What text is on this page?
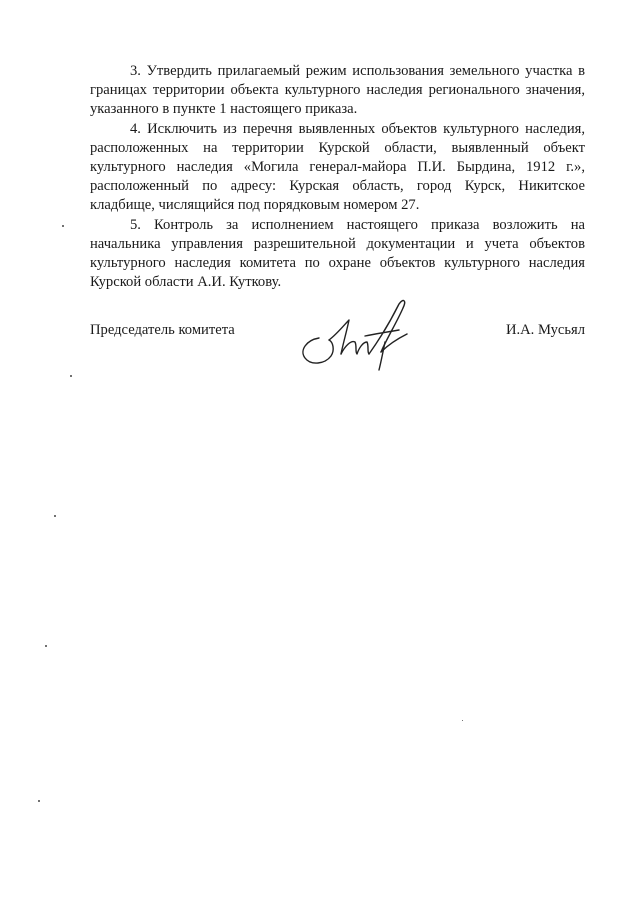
3. Утвердить прилагаемый режим использования земельного участка в границах территории объекта культурного наследия регионального значения, указанного в пункте 1 настоящего приказа.

4. Исключить из перечня выявленных объектов культурного наследия, расположенных на территории Курской области, выявленный объект культурного наследия «Могила генерал-майора П.И. Бырдина, 1912 г.», расположенный по адресу: Курская область, город Курск, Никитское кладбище, числящийся под порядковым номером 27.

5. Контроль за исполнением настоящего приказа возложить на начальника управления разрешительной документации и учета объектов культурного наследия комитета по охране объектов культурного наследия Курской области А.И. Куткову.

Председатель комитета	И.А. Мусьял
